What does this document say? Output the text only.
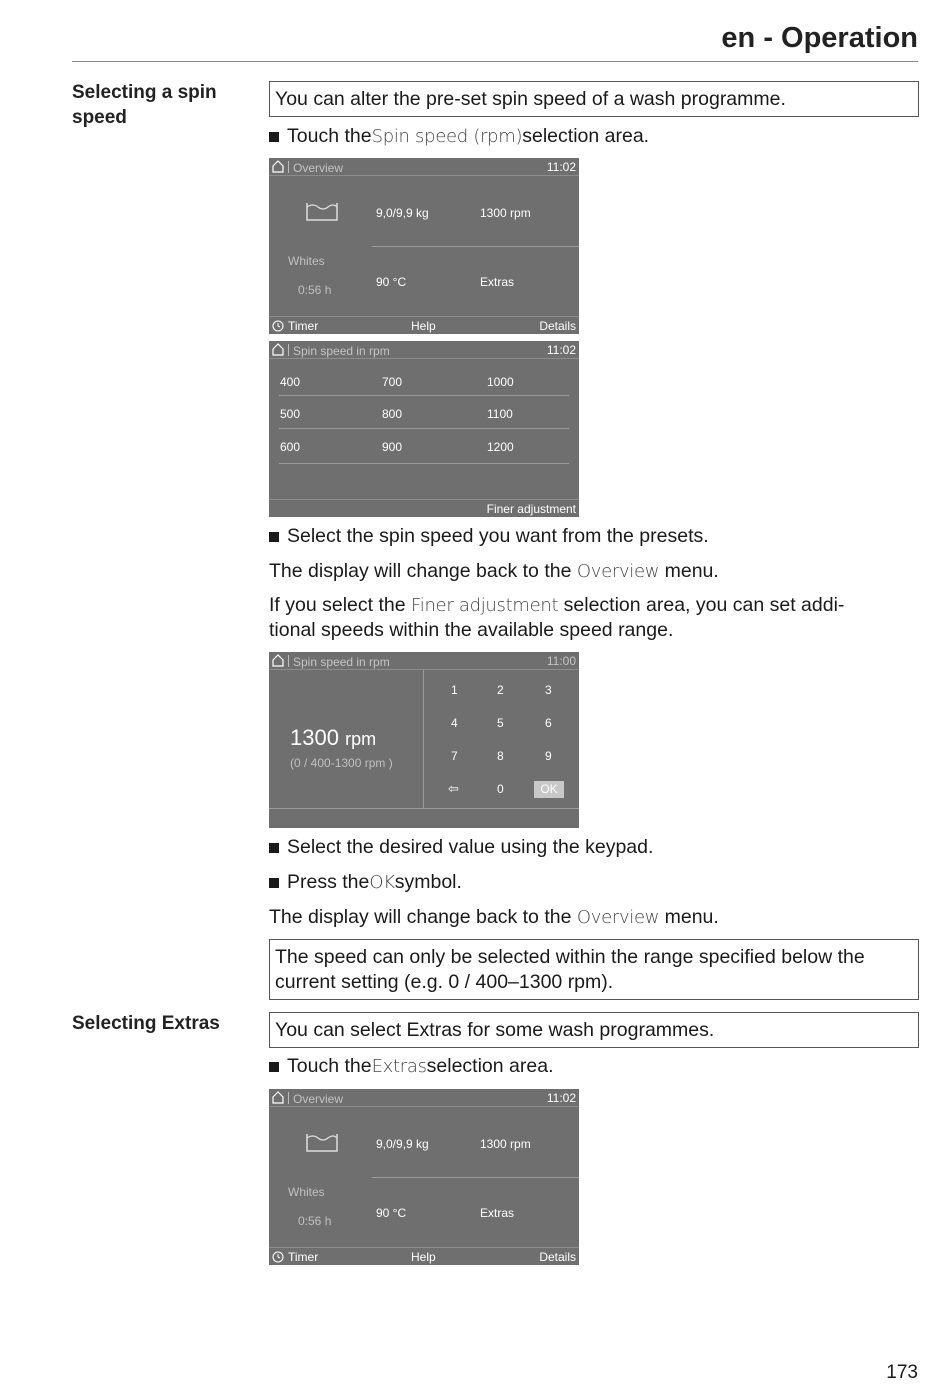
en - Operation
Selecting a spin speed
You can alter the pre-set spin speed of a wash programme.
Touch the Spin speed (rpm) selection area.
Overview	11:02
Whites
0:56 h
9,0/9,9 kg	1300 rpm
90 °C	Extras
Timer	Help	Details
Spin speed in rpm	11:02
400	700	1000
500	800	1100
600	900	1200
Finer adjustment
Select the spin speed you want from the presets.
The display will change back to the Overview menu.
If you select the Finer adjustment selection area, you can set addi-
tional speeds within the available speed range.
Spin speed in rpm	11:00
1300 rpm
(0 / 400-1300 rpm )
1	2	3
4	5	6
7	8	9
⇦	0	OK
Select the desired value using the keypad.
Press the OK symbol.
The display will change back to the Overview menu.
The speed can only be selected within the range specified below the
current setting (e.g. 0 / 400–1300 rpm).
Selecting Extras	You can select Extras for some wash programmes.
Touch the Extras selection area.
Overview	11:02
Whites
0:56 h
9,0/9,9 kg	1300 rpm
90 °C	Extras
Timer	Help	Details
173
